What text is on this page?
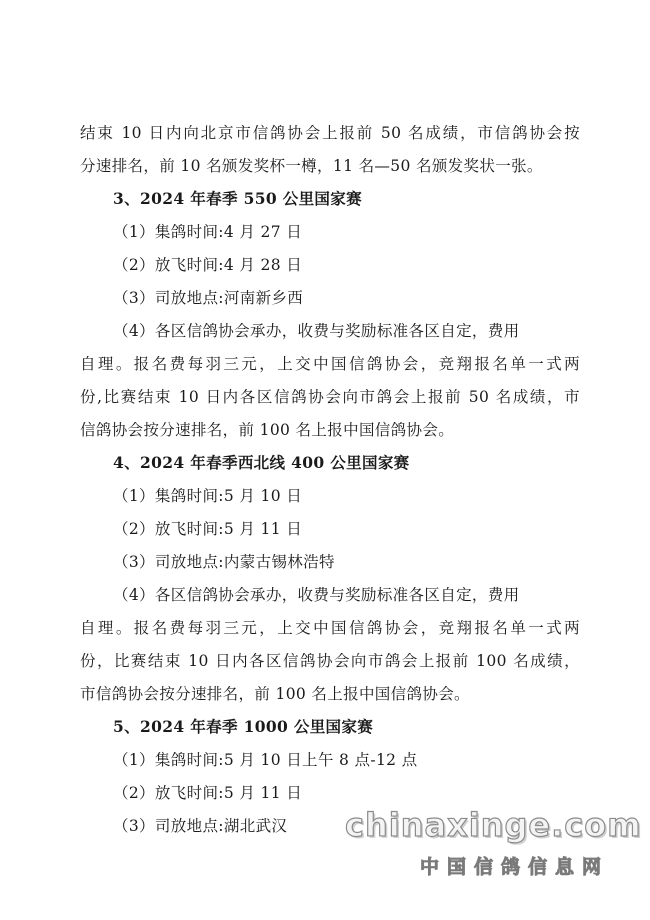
结束 10 日内向北京市信鸽协会上报前 50 名成绩，市信鸽协会按
分速排名，前 10 名颁发奖杯一樽，11 名—50 名颁发奖状一张。
3、2024 年春季 550 公里国家赛
（1）集鸽时间:4 月 27 日
（2）放飞时间:4 月 28 日
（3）司放地点:河南新乡西
（4）各区信鸽协会承办，收费与奖励标准各区自定，费用
自理。报名费每羽三元，上交中国信鸽协会，竞翔报名单一式两
份,比赛结束 10 日内各区信鸽协会向市鸽会上报前 50 名成绩，市
信鸽协会按分速排名，前 100 名上报中国信鸽协会。
4、2024 年春季西北线 400 公里国家赛
（1）集鸽时间:5 月 10 日
（2）放飞时间:5 月 11 日
（3）司放地点:内蒙古锡林浩特
（4）各区信鸽协会承办，收费与奖励标准各区自定，费用
自理。报名费每羽三元，上交中国信鸽协会，竞翔报名单一式两
份，比赛结束 10 日内各区信鸽协会向市鸽会上报前 100 名成绩，
市信鸽协会按分速排名，前 100 名上报中国信鸽协会。
5、2024 年春季 1000 公里国家赛
（1）集鸽时间:5 月 10 日上午 8 点-12 点
（2）放飞时间:5 月 11 日
（3）司放地点:湖北武汉	chinaxinge.com
中国信鸽信息网
